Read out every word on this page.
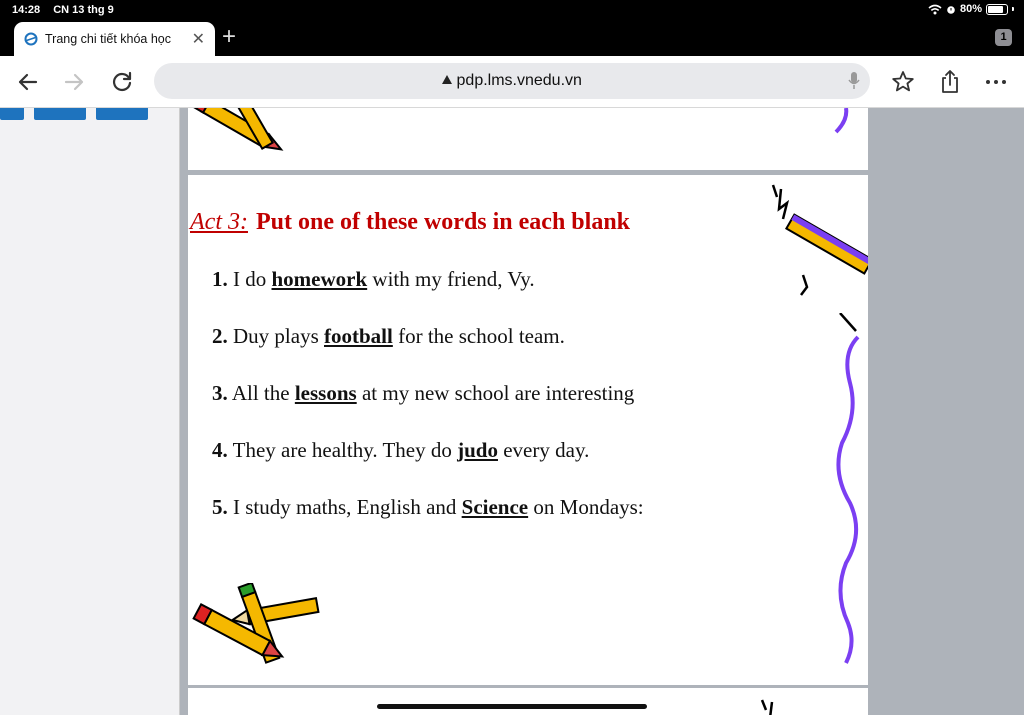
14:28 CN 13 thg 9	80%
Trang chi tiết khóa học	✕ +	1
pdp.lms.vnedu.vn
Act 3: Put one of these words in each blank
1. I do homework with my friend, Vy.
2. Duy plays football for the school team.
3. All the lessons at my new school are interesting
4. They are healthy. They do judo every day.
5. I study maths, English and Science on Mondays:
